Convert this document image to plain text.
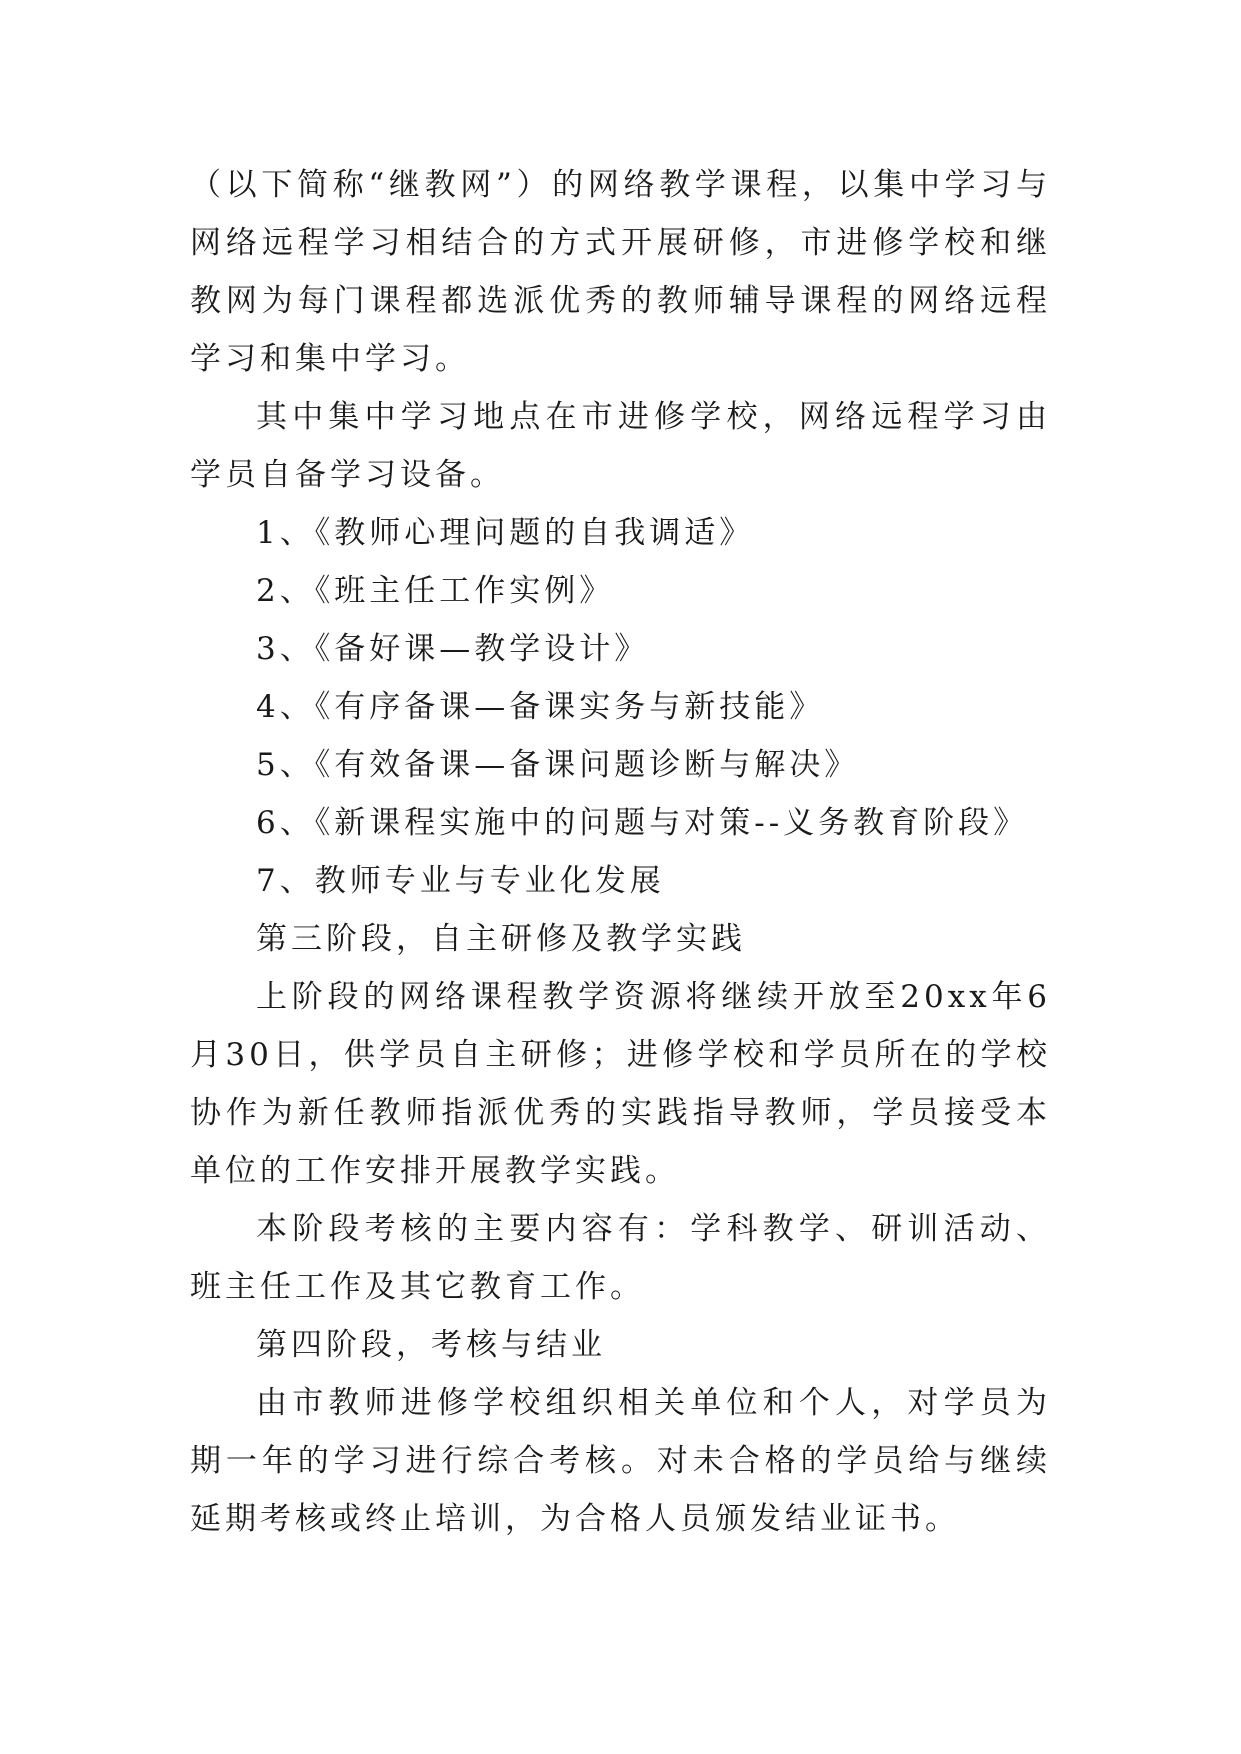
（以下简称“继教网”）的网络教学课程，以集中学习与网络远程学习相结合的方式开展研修，市进修学校和继教网为每门课程都选派优秀的教师辅导课程的网络远程学习和集中学习。

其中集中学习地点在市进修学校，网络远程学习由学员自备学习设备。

1、《教师心理问题的自我调适》

2、《班主任工作实例》

3、《备好课—教学设计》

4、《有序备课—备课实务与新技能》

5、《有效备课—备课问题诊断与解决》

6、《新课程实施中的问题与对策--义务教育阶段》

7、教师专业与专业化发展

第三阶段，自主研修及教学实践

上阶段的网络课程教学资源将继续开放至20xx年6月30日，供学员自主研修；进修学校和学员所在的学校协作为新任教师指派优秀的实践指导教师，学员接受本单位的工作安排开展教学实践。

本阶段考核的主要内容有：学科教学、研训活动、班主任工作及其它教育工作。

第四阶段，考核与结业

由市教师进修学校组织相关单位和个人，对学员为期一年的学习进行综合考核。对未合格的学员给与继续延期考核或终止培训，为合格人员颁发结业证书。
